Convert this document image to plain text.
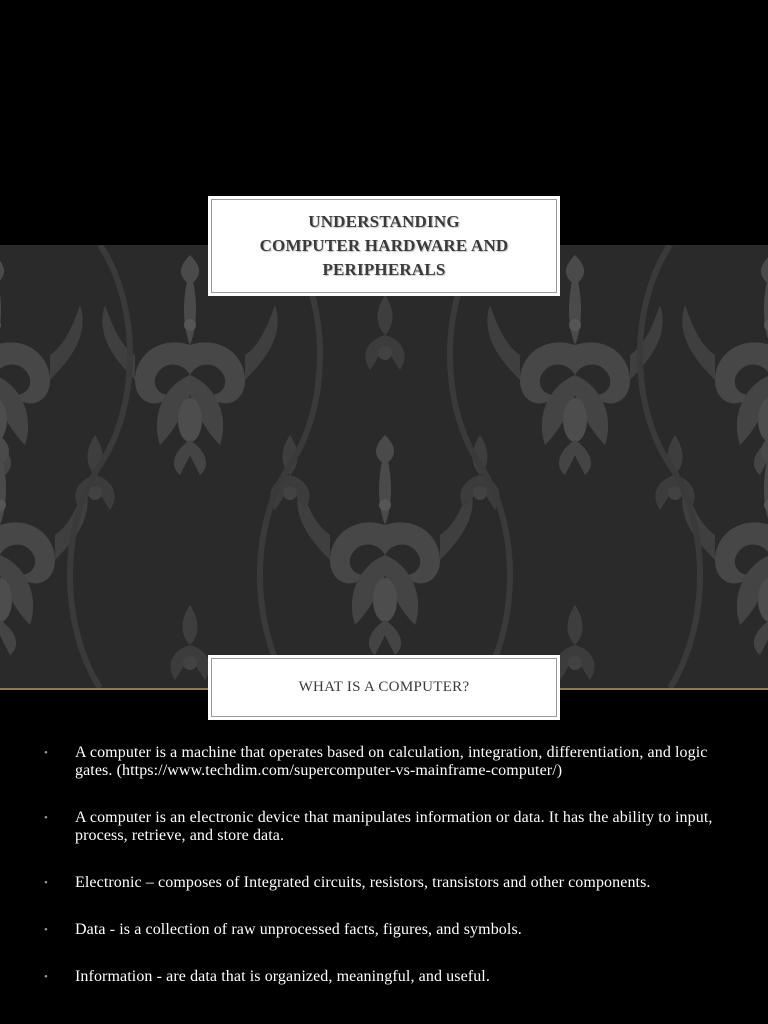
UNDERSTANDING
COMPUTER HARDWARE AND
PERIPHERALS
WHAT IS A COMPUTER?
• A computer is a machine that operates based on calculation, integration, differentiation, and logic gates. (https://www.techdim.com/supercomputer-vs-mainframe-computer/)
• A computer is an electronic device that manipulates information or data. It has the ability to input, process, retrieve, and store data.
• Electronic – composes of Integrated circuits, resistors, transistors and other components.
• Data - is a collection of raw unprocessed facts, figures, and symbols.
• Information - are data that is organized, meaningful, and useful.
